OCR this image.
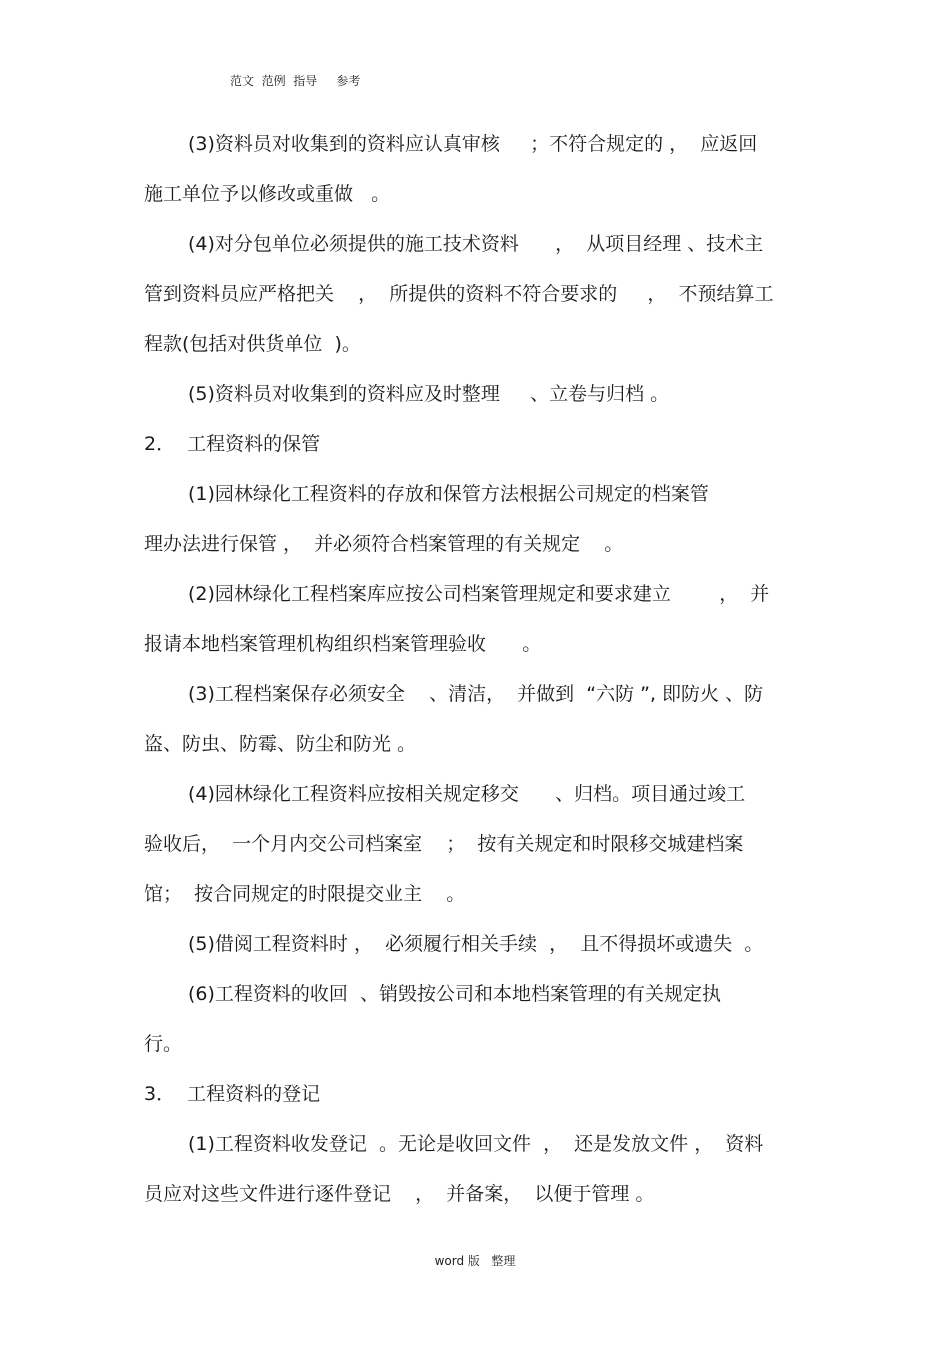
范文  范例  指导     参考
(3)资料员对收集到的资料应认真审核     ；不符合规定的 ，  应返回
施工单位予以修改或重做   。
(4)对分包单位必须提供的施工技术资料      ，  从项目经理 、技术主
管到资料员应严格把关    ，  所提供的资料不符合要求的     ，  不预结算工
程款(包括对供货单位  )。
(5)资料员对收集到的资料应及时整理     、立卷与归档 。
2．  工程资料的保管
(1)园林绿化工程资料的存放和保管方法根据公司规定的档案管
理办法进行保管 ，  并必须符合档案管理的有关规定    。
(2)园林绿化工程档案库应按公司档案管理规定和要求建立        ，  并
报请本地档案管理机构组织档案管理验收      。
(3)工程档案保存必须安全    、清洁，  并做到  “六防 ”, 即防火 、防
盗、防虫、防霉、防尘和防光 。
(4)园林绿化工程资料应按相关规定移交      、归档。项目通过竣工
验收后，  一个月内交公司档案室    ；  按有关规定和时限移交城建档案
馆；  按合同规定的时限提交业主    。
(5)借阅工程资料时 ，  必须履行相关手续  ，  且不得损坏或遗失  。
(6)工程资料的收回  、销毁按公司和本地档案管理的有关规定执
行。
3．  工程资料的登记
(1)工程资料收发登记  。无论是收回文件  ，  还是发放文件 ，  资料
员应对这些文件进行逐件登记    ，  并备案，  以便于管理 。
word 版   整理
